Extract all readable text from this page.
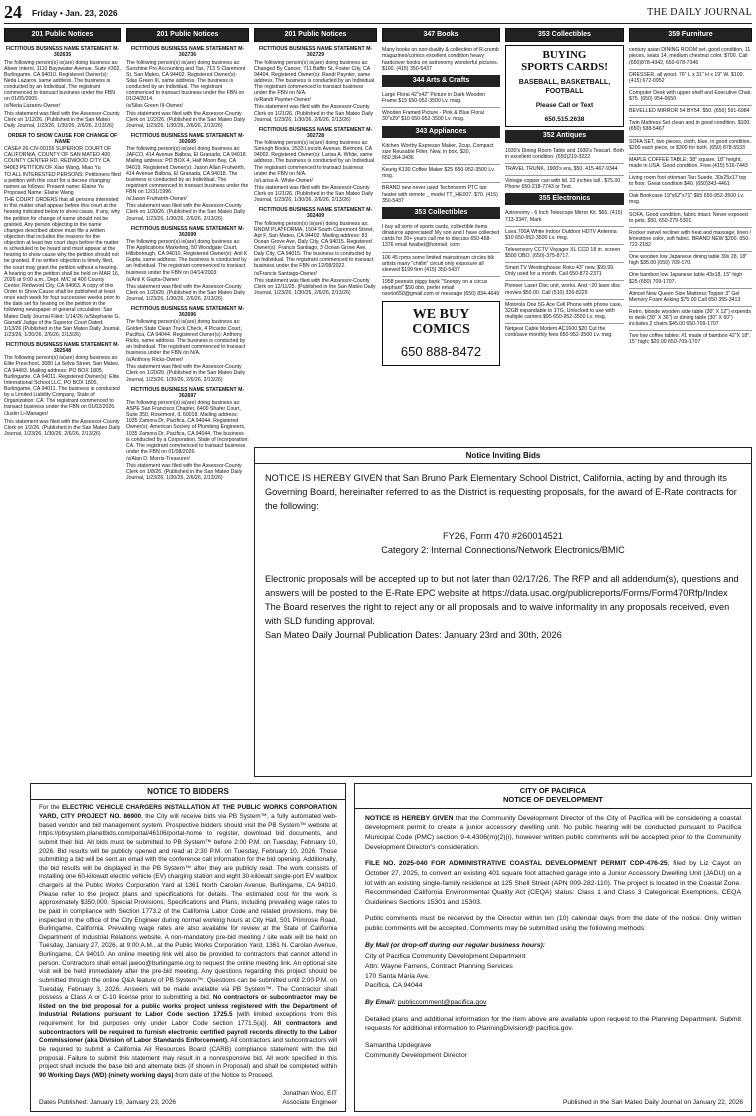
24 Friday • Jan. 23, 2026	THE DAILY JOURNAL
201 Public Notices
FICTITIOUS BUSINESS NAME STATEMENT M-302635

The following person(s) is(are) doing business as: Abeer Interni, 1110 Bayswater Avenue, Suite #302, Burlingame, CA 94010. Registered Owner(s): Neda Lazarov. same address. The business is conducted by an Individual. The registrant commenced to transact business under the FBN on 01/05/2005.

/s/Neda Lazarov-Owner/

This statement was filed with the Assessor-County Clerk on 1/12/26. (Published in the San Mateo Daily Journal, 1/23/26, 1/30/26, 2/6/26, 2/13/26)

ORDER TO SHOW CAUSE FOR CHANGE OF NAME

CASE# 26-CIV-00155 SUPERIOR COURT OF CALIFORNIA, COUNTY OF SAN MATEO 400 COUNTY CENTER RD, REDWOOD CITY CA 94063 PETITION OF Xiao Wang, Miao Yu

TO ALL INTERESTED PERSONS: Petitioners filed a petition with this court for a decree changing names as follows: Present name: Elaine Yu Proposed Name: Elaine Wang

THE COURT ORDERS that all persons interested in this matter shall appear before this court at the hearing indicated below to show cause, if any, why the petition for change of name should not be granted. Any person objecting to the name changes described above must file a written objection that includes the reasons for the objection at least two court days before the matter is scheduled to be heard and must appear at the hearing to show cause why the petition should not be granted. If no written objection is timely filed, the court may grant the petition without a hearing. A hearing on the petition shall be held on MAR 16, 2026 at 9:00 a.m., Dept. M/C at 400 County Center, Redwood City, CA 94063. A copy of this Order to Show Cause shall be published at least once each week for four successive weeks prior to the date set for hearing on the petition in the following newspaper of general circulation: San Mateo Daily Journal Filed: 1/14/26 /s/Stephanie G. Garratt/ Judge of the Superior Court Dated: 1/13/26 (Published in the San Mateo Daily Journal, 1/23/26, 1/30/26, 2/6/26, 2/13/26)

FICTITIOUS BUSINESS NAME STATEMENT M-302548

The following person(s) is(are) doing business as: Elite Preschool, 3080 La Selva Street, San Mateo, CA 94403. Mailing address: PO BOX 1805, Burlingame, CA 94011. Registered Owner(s): Elite International School LLC, PO BOX 1805, Burlingame, CA 94011. The business is conducted by a Limited Liability Company, State of Organization: CA. The registrant commenced to transact business under the FBN on 01/02/2026.

/Justin Li-Manager/

This statement was filed with the Assessor-County Clerk on 1/2/26. (Published in the San Mateo Daily Journal, 1/23/26, 1/30/26, 2/6/26, 2/13/26)

201 Public Notices
FICTITIOUS BUSINESS NAME STATEMENT M-302736

The following person(s) is(are) doing business as: Sunshine Pro Accounting and Tax, 713 S Claremont St, San Mateo, CA 94402. Registered Owner(s): Silas Green III, same address. The business is conducted by an Individual. The registrant commenced to transact business under the FBN on 01/24/2014.

/s/Silas Green III-Owner/

This statement was filed with the Assessor-County Clerk on 1/22/26. (Published in the San Mateo Daily Journal, 1/23/26, 1/30/26, 2/6/26, 2/13/26)

FICTITIOUS BUSINESS NAME STATEMENT M-302605

The following person(s) is(are) doing business as: JAFCO, 414 Avenue Balboa, El Granada, CA 94018. Mailing address: PO BOX 4, Half Moon Bay, CA 94019. Registered Owner(s): Jason Allan Fruhwirth, 414 Avenue Balboa, El Granada, CA 94018. The business is conducted by an Individual. The registrant commenced to transact business under the FBN on 12/31/1996.

/s/Jason Fruhwirth-Owner/

This statement was filed with the Assessor-County Clerk on 1/20/26. (Published in the San Mateo Daily Journal, 1/23/26, 1/30/26, 2/6/26, 2/13/26)

FICTITIOUS BUSINESS NAME STATEMENT M-302699

The following person(s) is(are) doing business as: The Applications Marketing, 50 Woodgate Court, Hillsborough, CA 94010. Registered Owner(s): Anil K Gupta, same address. The business is conducted by an Individual. The registrant commenced to transact business under the FBN on 04/14/2003.

/s/Anil K Gupta-Owner/

This statement was filed with the Assessor-County Clerk on 1/20/26. (Published in the San Mateo Daily Journal, 1/23/26, 1/30/26, 2/6/26, 2/13/26)

FICTITIOUS BUSINESS NAME STATEMENT M-302696

The following person(s) is(are) doing business as: Golden State Clean Truck Check, 4 Picardo Court, Pacifica, CA 94044. Registered Owner(s): Anthony Ricks, same address. The business is conducted by an Individual. The registrant commenced to transact business under the FBN on N/A.

/s/Anthony Ricks-Owner/

This statement was filed with the Assessor-County Clerk on 1/20/26. (Published in the San Mateo Daily Journal, 1/23/26, 1/30/26, 2/6/26, 2/13/26)

FICTITIOUS BUSINESS NAME STATEMENT M-302697

The following person(s) is(are) doing business as: ASPE San Francisco Chapter, 6400 Shafer Court, Suite 350, Rosemont, IL 60018. Mailing address: 1035 Zamora Dr, Pacifica, CA 94044. Registered Owner(s): American Society of Plumbing Engineers, 1035 Zamora Dr, Pacifica, CA 94044. The business is conducted by a Corporation, State of Incorporation: CA. The registrant commenced to transact business under the FBN on 01/08/2026.

/s/Alan D. Morris-Treasurer/

This statement was filed with the Assessor-County Clerk on 1/8/26. (Published in the San Mateo Daily Journal, 1/23/26, 1/30/26, 2/6/26, 2/13/26)

201 Public Notices
FICTITIOUS BUSINESS NAME STATEMENT M-302729

The following person(s) is(are) doing business as: Changed By Cancer, 711 Baffin St, Foster City, CA 94404. Registered Owner(s): Randi Paynter, same address. The business is conducted by an Individual. The registrant commenced to transact business under the FBN on N/A.

/s/Randi Paynter-Owner/

This statement was filed with the Assessor-County Clerk on 1/21/26. (Published in the San Mateo Daily Journal, 1/23/26, 1/30/26, 2/6/26, 2/13/26)

FICTITIOUS BUSINESS NAME STATEMENT M-302728

The following person(s) is(are) doing business as: Simurgh Books, 2533 Lincoln Avenue, Belmont, CA 94002. Registered Owner(s): Larisa A. White, same address. The business is conducted by an Individual. The registrant commenced to transact business under the FBN on N/A.

/s/Larisa A. White-Owner/

This statement was filed with the Assessor-County Clerk on 1/21/26. (Published in the San Mateo Daily Journal, 1/23/26, 1/30/26, 2/6/26, 2/13/26)

FICTITIOUS BUSINESS NAME STATEMENT M-302409

The following person(s) is(are) doing business as: RNDM PLATFORMA, 1504 South Claremont Street, Apt F, San Mateo, CA 94402. Mailing address: 83 Ocean Grove Ave, Daly City, CA 94015. Registered Owner(s): Francis Santiago, 3 Ocean Grove Ave, Daly City, CA 94015. The business is conducted by an Individual. The registrant commenced to transact business under the FBN on 12/08/2022.

/s/Francis Santiago-Owner/

This statement was filed with the Assessor-County Clerk on 12/11/25. (Published in the San Mateo Daily Journal, 1/23/26, 1/30/26, 2/6/26, 2/13/26)

347 Books
Many books on non-duality & collection of R.crumb magazines/comics excellent condition heavy hardcover books on astronomy wonderful pictures. $100. (415) 350-5437
344 Arts & Crafts
Large Floral 42"x42" Picture in Dark Wooden Frame $15 650-952-3500 Lv. msg.
Wooden Framed Picture - Pink & Blue Floral 30"x29" $10 650-952-3500 Lv. msg.
343 Appliances
Kitchen Worthy Expresso Maker, 2cup. Compact size Reusable Filter, New, in box, $20, 650.364.3436
Keurig K130 Coffee Maker $25 650-952-3500 Lv. msg.
BRAND new never used Technivorm PTC tan heater with remote _ model TT_HE007. $70. (415) 350-5437
353 Collectibles
I buy all sorts of sports cards, collectible items dinaturos appreciated! My son and I have collected cards for 20+ years call me to discuss 650-458-1376 email fwaibel@hotmail. com
106 45 rpms some limited mainstream circles blk artists many "chitlin" circuit only exposure all sleeved $199 firm (415) 350-5437
1958 peanuts piggy bank "Snoopy on a circus elephant" $50 obo, prefer email osorio650@gmail.com or message (650) 834-4649
WE BUY
COMICS
650 888-8472
353 Collectibles
BUYING
SPORTS CARDS!
BASEBALL, BASKETBALL, FOOTBALL
Please Call or Text
650.515.2638
352 Antiques
1930's Dining Room Table and 1930's Teacart. Both in excellent condition. (650)219-3222
TRAVEL TRUNK, 1900's era, $50. 415-467-9344.
Vintage copper can with lid. 22 inches tall.. $75.00 . Phone 650-218-7743 or Text.
355 Electronics
Astronomy - 6 Inch Telescope Mirror Kit. $65. (415) 713-3347, Mark
Lava 700A White Indoor Outdoor HDTV Antenna $10 650-952-3500 Lv. msg.
Telesensory CCTV Voyager XL CCD 18 in. screen $500 OBO. (650)-375-8717.
Smart TV Westinghouse Roku 43" new, $99.99. Only used for a month. Call 650-872-2371
Pioneer Laser Disc unit, works. And ~20 laser disc movies $50.00. Call (510) 326-8229
Motorola One 5G Ace Cell Phone with phone case, 32GB expandable to 1TG, Unlocked to use with multiple carriers $95 650-952-3500 Lv. msg.
Netgear Cable Modem AC1600 $20 Cut the cord/save monthly fees 650-952-3500 Lv. msg.
359 Furniture
century asian DINING ROOM set, good condition, 11 pieces, seats 14, medium chestnut color. $700. Call (650)878-4342, 650-678-7346
DRESSER, all wood. 76" L x 31" H x 19" W. $100, (415) 672-0952
Computer Desk with upper shelf and Executive Chair. $75. (650) 954-0650
BEVELLED MIRROR 54 BY54. $50. (650) 591-6984
Twin Mattress Set clean and in good condition. $100.(650) 588-5467
SOFA SET, two pieces, cloth, blue, in good condition. $200 each piece, or $300 for both. (650) 878-5533
MAPLE COFFEE TABLE; 38" square, 18" height, made in USA. Good condition. Free.(415) 516-7443
Living room foot ottoman Tan Suede, 30x25x17 top to floor. Great condition $40. (650)343-4461
Oak Bookcase 19"x62"x71" $65 650-952-3500 Lv. msg.
SOFA, Good condition, fabric intact. Never exposed to pets, $50, 650-279-5301.
Rocker swivel recliner with heat and massage, linen / limestone color, soft fabric. BRAND NEW $200. 650-722-2182
One wooden low Japanese dining table 39x 28, 18" high $35.00 (650) 709-170.
One bamboo low Japanese table 43x18, 15" high $25 (650) 709-1707.
Almost New Queen Size Mattress Topper 3" Gel Memory Foam Asking $75.00 Call 650 355-3413
Retro, blonde wooden side table (30" X 12") expends to desk (30" X 36") or dining table (30" X 60") includes 2 chairs $45.00 650-709-1707
Two low coffee tables: #1 made of bamboo 42"X 18", 15" high; $20.00 650-709-1707
Notice Inviting Bids

NOTICE IS HEREBY GIVEN that San Bruno Park Elementary School District, California, acting by and through its Governing Board, hereinafter referred to as the District is requesting proposals, for the award of E-Rate contracts for the following:

FY26, Form 470 #260014521

Category 2: Internal Connections/Network Electronics/BMIC

Electronic proposals will be accepted up to but not later than 02/17/26. The RFP and all addendum(s), questions and answers will be posted to the E-Rate EPC website at https://data.usac.org/publicreports/Forms/Form470Rfp/Index

The Board reserves the right to reject any or all proposals and to waive informality in any proposals received, even with SLD funding approval.

San Mateo Daily Journal Publication Dates: January 23rd and 30th, 2026

NOTICE TO BIDDERS

For the ELECTRIC VEHICLE CHARGERS INSTALLATION AT THE PUBLIC WORKS CORPORATION YARD, CITY PROJECT NO. 86900, the City will receive bids via PB System™, a fully automated web-based vendor and bid management system. Prospective bidders should visit the PB System™ website at https://pbsystem.planetbids.com/portal/46106/portal-home to register, download bid documents, and submit their bid. All bids must be submitted to PB System™ before 2:00 P.M. on Tuesday, February 10, 2026. Bid results will be publicly opened and read at 2:30 P.M. on Tuesday, February 10, 2026. Those submitting a bid will be sent an email with the conference call information for the bid opening. Additionally, the bid results will be displayed in the PB System™ after they are publicly read. The work consists of installing one 60-kilowatt electric vehicle (EV) charging station and eight 30-kilowatt single-port EV wallbox chargers at the Public Works Corporation Yard at 1361 North Carolan Avenue, Burlingame, CA 94010. Please refer to the project plans and specifications for details. The estimated cost for the work is approximately $350,000. Special Provisions, Specifications and Plans, including prevailing wage rates to be paid in compliance with Section 1773.2 of the California Labor Code and related provisions, may be inspected in the office of the City Engineer during normal working hours at City Hall, 501 Primrose Road, Burlingame, California. Prevailing wage rates are also available for review at the State of California Department of Industrial Relations website. A non-mandatory pre-bid meeting / site walk will be held on Tuesday, January 27, 2026, at 9:00 A.M., at the Public Works Corporation Yard, 1361 N. Carolan Avenue, Burlingame, CA 94010. An online meeting link will also be provided to contractors that cannot attend in person. Contractors shall email jawoo@burlingame.org to request the online meeting link. An optional site visit will be held immediately after the pre-bid meeting. Any questions regarding this project should be submitted through the online Q&A feature of PB System™. Questions can be submitted until 2:00 P.M. on Tuesday, February 3, 2026. Answers will be made available via PB System™. The Contractor shall possess a Class A or C-10 license prior to submitting a bid. No contractors or subcontractor may be listed on the bid proposal for a public works project unless registered with the Department of Industrial Relations pursuant to Labor Code section 1725.5 [with limited exceptions from this requirement for bid purposes only under Labor Code section 1771.5(a)]. All contractors and subcontractors will be required to furnish electronic certified payroll records directly to the Labor Commissioner (aka Division of Labor Standards Enforcement). All contractors and subcontractors will be required to submit a California Air Resources Board (CARB) compliance statement with the bid proposal. Failure to submit this statement may result in a nonresponsive bid. All work specified in this project shall include the base bid and alternate bids (if shown in Proposal) and shall be completed within 90 Working Days (WD) (ninety working days) from date of the Notice to Proceed.

Jonathan Woo, EIT
Associate Engineer
Dates Published: January 19, January 23, 2026
CITY OF PACIFICA
NOTICE OF DEVELOPMENT

NOTICE IS HEREBY GIVEN that the Community Development Director of the City of Pacifica will be considering a coastal development permit to create a junior accessory dwelling unit. No public hearing will be conducted pursuant to Pacifica Municipal Code (PMC) section 9-4.4306(m)(2)(i), however written public comments will be accepted prior to the Community Development Director's consideration.

FILE NO. 2025-040 FOR ADMINISTRATIVE COASTAL DEVELOPMENT PERMIT CDP-476-25, filed by Liz Cayot on October 27, 2025, to convert an existing 401 square foot attached garage into a Junior Accessory Dwelling Unit (JADU) on a lot with an existing single-family residence at 125 Shell Street (APN 009-282-110). The project is located in the Coastal Zone. Recommended California Environmental Quality Act (CEQA) status: Class 1 and Class 3 Categorical Exemptions, CEQA Guidelines Sections 15301 and 15303.

Public comments must be received by the Director within ten (10) calendar days from the date of the notice. Only written public comments will be accepted. Comments may be submitted using the following methods:

By Mail (or drop-off during our regular business hours):

City of Pacifica Community Development Department
Attn: Wayne Farrens, Contract Planning Services
170 Santa Maria Ave.
Pacifica, CA 94044

By Email: publiccomment@pacifica.gov

Detailed plans and additional information for the item above are available upon request to the Planning Department. Submit requests for additional information to PlanningDivision@ pacifica.gov.

Samantha Updegrave
Community Development Director
Published in the San Mateo Daily Journal on January 22, 2026
